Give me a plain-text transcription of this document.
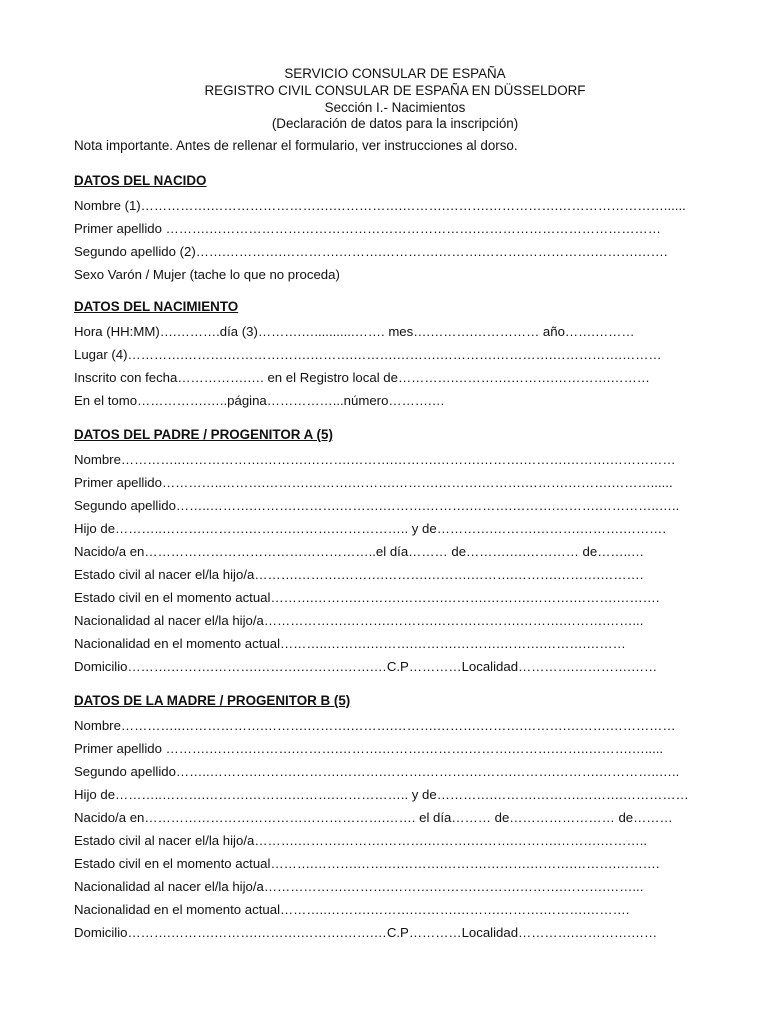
SERVICIO CONSULAR DE ESPAÑA
REGISTRO CIVIL CONSULAR DE ESPAÑA EN DÜSSELDORF
Sección I.- Nacimientos
(Declaración de datos para la inscripción)
Nota importante. Antes de rellenar el formulario, ver instrucciones al dorso.
DATOS DEL NACIDO
Nombre (1)…………….……………………….…………….……….……….…………….……………………......
Primer apellido ……….…………………………………………………….……………………………………
Segundo apellido (2)…….………….………….……….………….……….……….…………….……….…….
Sexo Varón / Mujer (tache lo que no proceda)
DATOS DEL NACIMIENTO
Hora (HH:MM)….……….día (3)……….…...........……. mes….……….…………… año…….………
Lugar (4)………….……….……………….……….……….……….………….………….…………….………
Inscrito con fecha…………….…. en el Registro local de………….………….……….………….………
En el tomo…………….…..página……………...número……….…
DATOS DEL PADRE / PROGENITOR A (5)
Nombre…………..……………….……….……….……….……….……….……….……….……….……………
Primer apellido…………..……….……….……….……….……….……….……….……….……….………......
Segundo apellido……..……….……….……….……….……….……….……….……….……….…………..…..
Hijo de………..……….……….……….……….…………….. y de………….……….……….……….……….
Nacido/a en……………………………………………..el día……… de……….….………… de……..…
Estado civil al nacer el/la hijo/a……….……….……….……….……….……….……….……….……….
Estado civil en el momento actual……….……….……….……….……….……….……….……….……….
Nacionalidad al nacer el/la hijo/a……………….……….……….……….……….……….……….……...
Nacionalidad en el momento actual………..……….……….……….……….……….……….………
Domicilio……….……….……….……….……….…….…C.P…………Localidad………….………….……
DATOS DE LA MADRE / PROGENITOR B (5)
Nombre…………..……………….……….……….……….……….……….……….……….……….……………
Primer apellido ……….……….……….……….……….……….……….……….……….……..……….….....
Segundo apellido……..……….……….……….……….……….……….……….……….……….…………..…..
Hijo de………..……….……….……….……….…………….. y de………….……….……….……….……………
Nacido/a en……………………………………………….……. el día……… de…………………… de………
Estado civil al nacer el/la hijo/a……….……….……….……….……….……….……….……….………..
Estado civil en el momento actual……….……….……….……….……….……….……….……….……….
Nacionalidad al nacer el/la hijo/a……………….……….……….……….……….……….……….……...
Nacionalidad en el momento actual………..……….……….……….……….……….……….……….
Domicilio……….……….……….……….……….…….…C.P…………Localidad………….………….……
